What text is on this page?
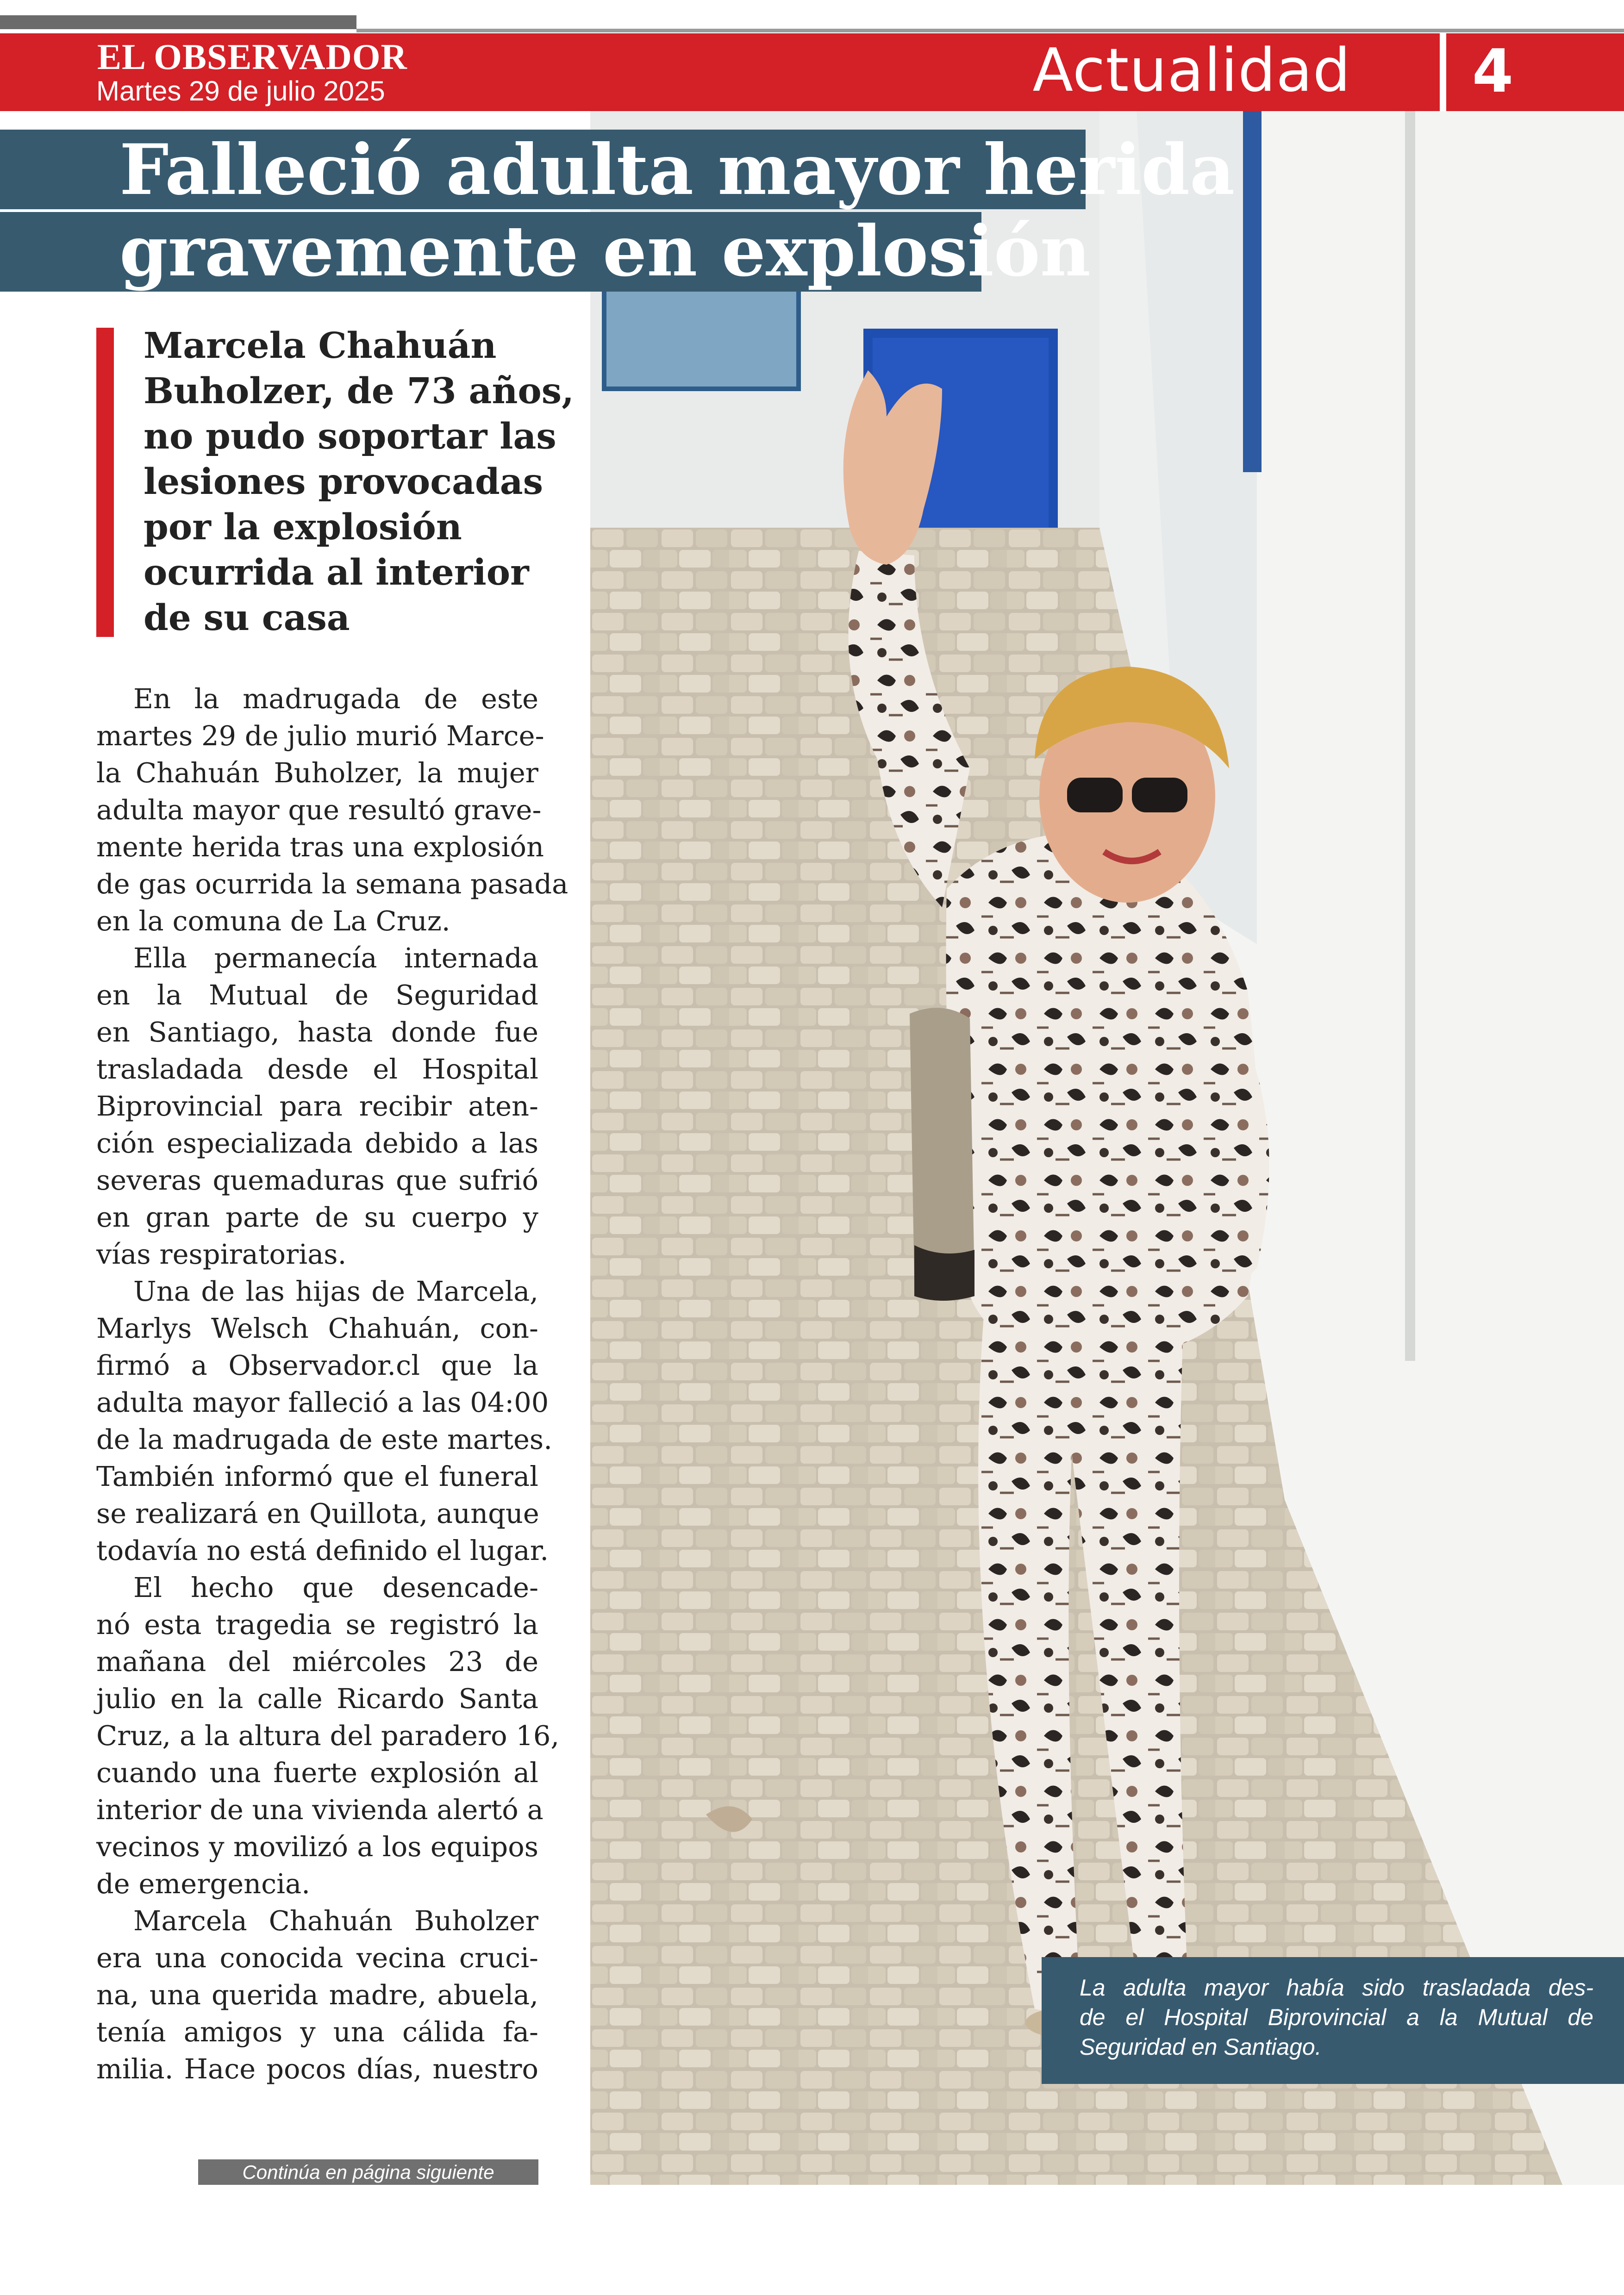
EL OBSERVADOR
Martes 29 de julio 2025	Actualidad 4
Falleció adulta mayor herida
gravemente en explosión
Marcela Chahuán
Buholzer, de 73 años,
no pudo soportar las
lesiones provocadas
por la explosión
ocurrida al interior
de su casa
En la madrugada de este
martes 29 de julio murió Marce-
la Chahuán Buholzer, la mujer
adulta mayor que resultó grave-
mente herida tras una explosión
de gas ocurrida la semana pasada
en la comuna de La Cruz.
Ella permanecía internada
en la Mutual de Seguridad
en Santiago, hasta donde fue
trasladada desde el Hospital
Biprovincial para recibir aten-
ción especializada debido a las
severas quemaduras que sufrió
en gran parte de su cuerpo y
vías respiratorias.
Una de las hijas de Marcela,
Marlys Welsch Chahuán, con-
firmó a Observador.cl que la
adulta mayor falleció a las 04:00
de la madrugada de este martes.
También informó que el funeral
se realizará en Quillota, aunque
todavía no está definido el lugar.
El hecho que desencade-
nó esta tragedia se registró la
mañana del miércoles 23 de
julio en la calle Ricardo Santa
Cruz, a la altura del paradero 16,
cuando una fuerte explosión al
interior de una vivienda alertó a
vecinos y movilizó a los equipos
de emergencia.
Marcela Chahuán Buholzer
era una conocida vecina cruci-
na, una querida madre, abuela,
tenía amigos y una cálida fa-
milia. Hace pocos días, nuestro
Continúa en página siguiente
La adulta mayor había sido trasladada des-
de el Hospital Biprovincial a la Mutual de
Seguridad en Santiago.
